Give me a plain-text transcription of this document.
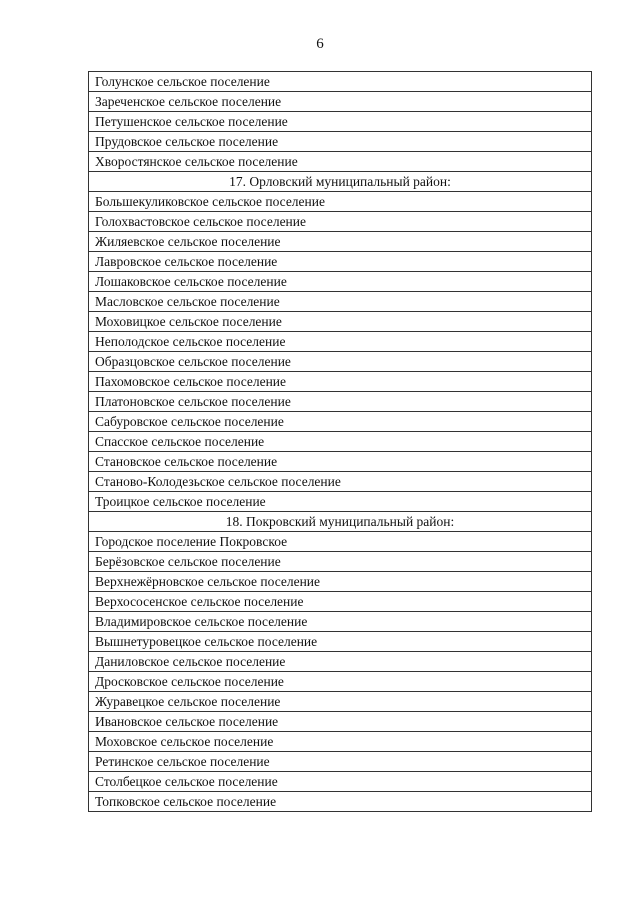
6
Голунское сельское поселение
Зареченское сельское поселение
Петушенское сельское поселение
Прудовское сельское поселение
Хворостянское сельское поселение
17. Орловский муниципальный район:
Большекуликовское сельское поселение
Голохвастовское сельское поселение
Жиляевское сельское поселение
Лавровское сельское поселение
Лошаковское сельское поселение
Масловское сельское поселение
Моховицкое сельское поселение
Неполодское сельское поселение
Образцовское сельское поселение
Пахомовское сельское поселение
Платоновское сельское поселение
Сабуровское сельское поселение
Спасское сельское поселение
Становское сельское поселение
Станово-Колодезьское сельское поселение
Троицкое сельское поселение
18. Покровский муниципальный район:
Городское поселение Покровское
Берёзовское сельское поселение
Верхнежёрновское сельское поселение
Верхососенское сельское поселение
Владимировское сельское поселение
Вышнетуровецкое сельское поселение
Даниловское сельское поселение
Дросковское сельское поселение
Журавецкое сельское поселение
Ивановское сельское поселение
Моховское сельское поселение
Ретинское сельское поселение
Столбецкое сельское поселение
Топковское сельское поселение
